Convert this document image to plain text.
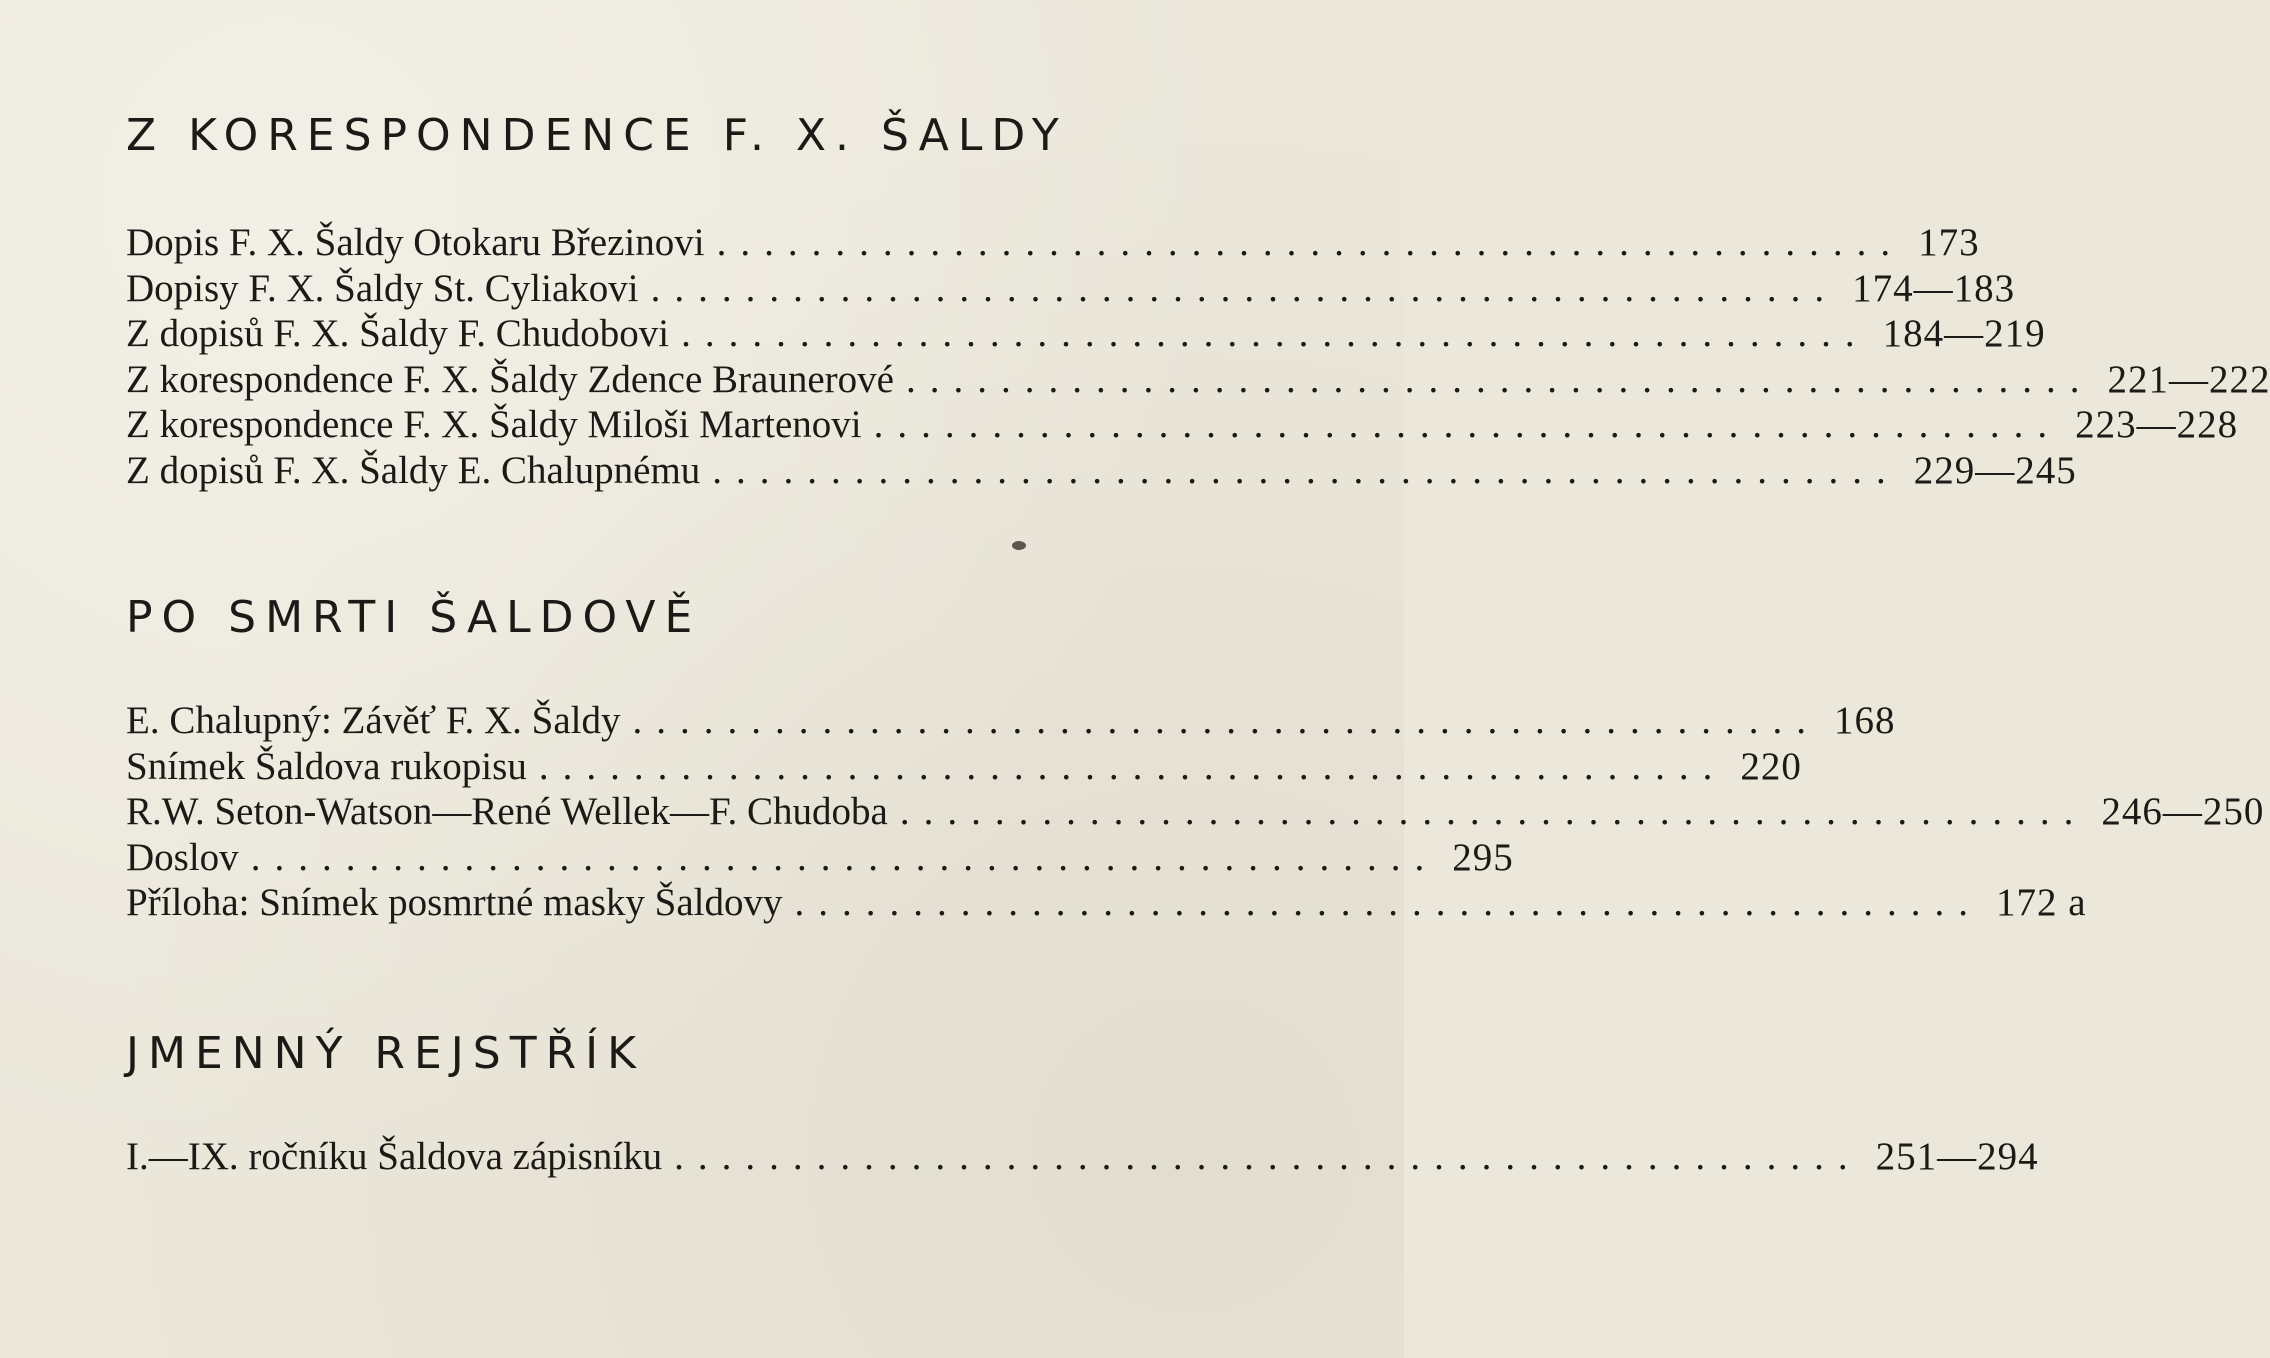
Z KORESPONDENCE F. X. ŠALDY
Dopis F. X. Šaldy Otokaru Březinovi .................................................. 173
Dopisy F. X. Šaldy St. Cyliakovi .................................................. 174—183
Z dopisů F. X. Šaldy F. Chudobovi .................................................. 184—219
Z korespondence F. X. Šaldy Zdence Braunerové .................................................. 221—222
Z korespondence F. X. Šaldy Miloši Martenovi .................................................. 223—228
Z dopisů F. X. Šaldy E. Chalupnému .................................................. 229—245
PO SMRTI ŠALDOVĚ
E. Chalupný: Závěť F. X. Šaldy .................................................. 168
Snímek Šaldova rukopisu .................................................. 220
R.W. Seton-Watson—René Wellek—F. Chudoba .................................................. 246—250
Doslov .................................................. 295
Příloha: Snímek posmrtné masky Šaldovy .................................................. 172 a
JMENNÝ REJSTŘÍK
I.—IX. ročníku Šaldova zápisníku .................................................. 251—294
